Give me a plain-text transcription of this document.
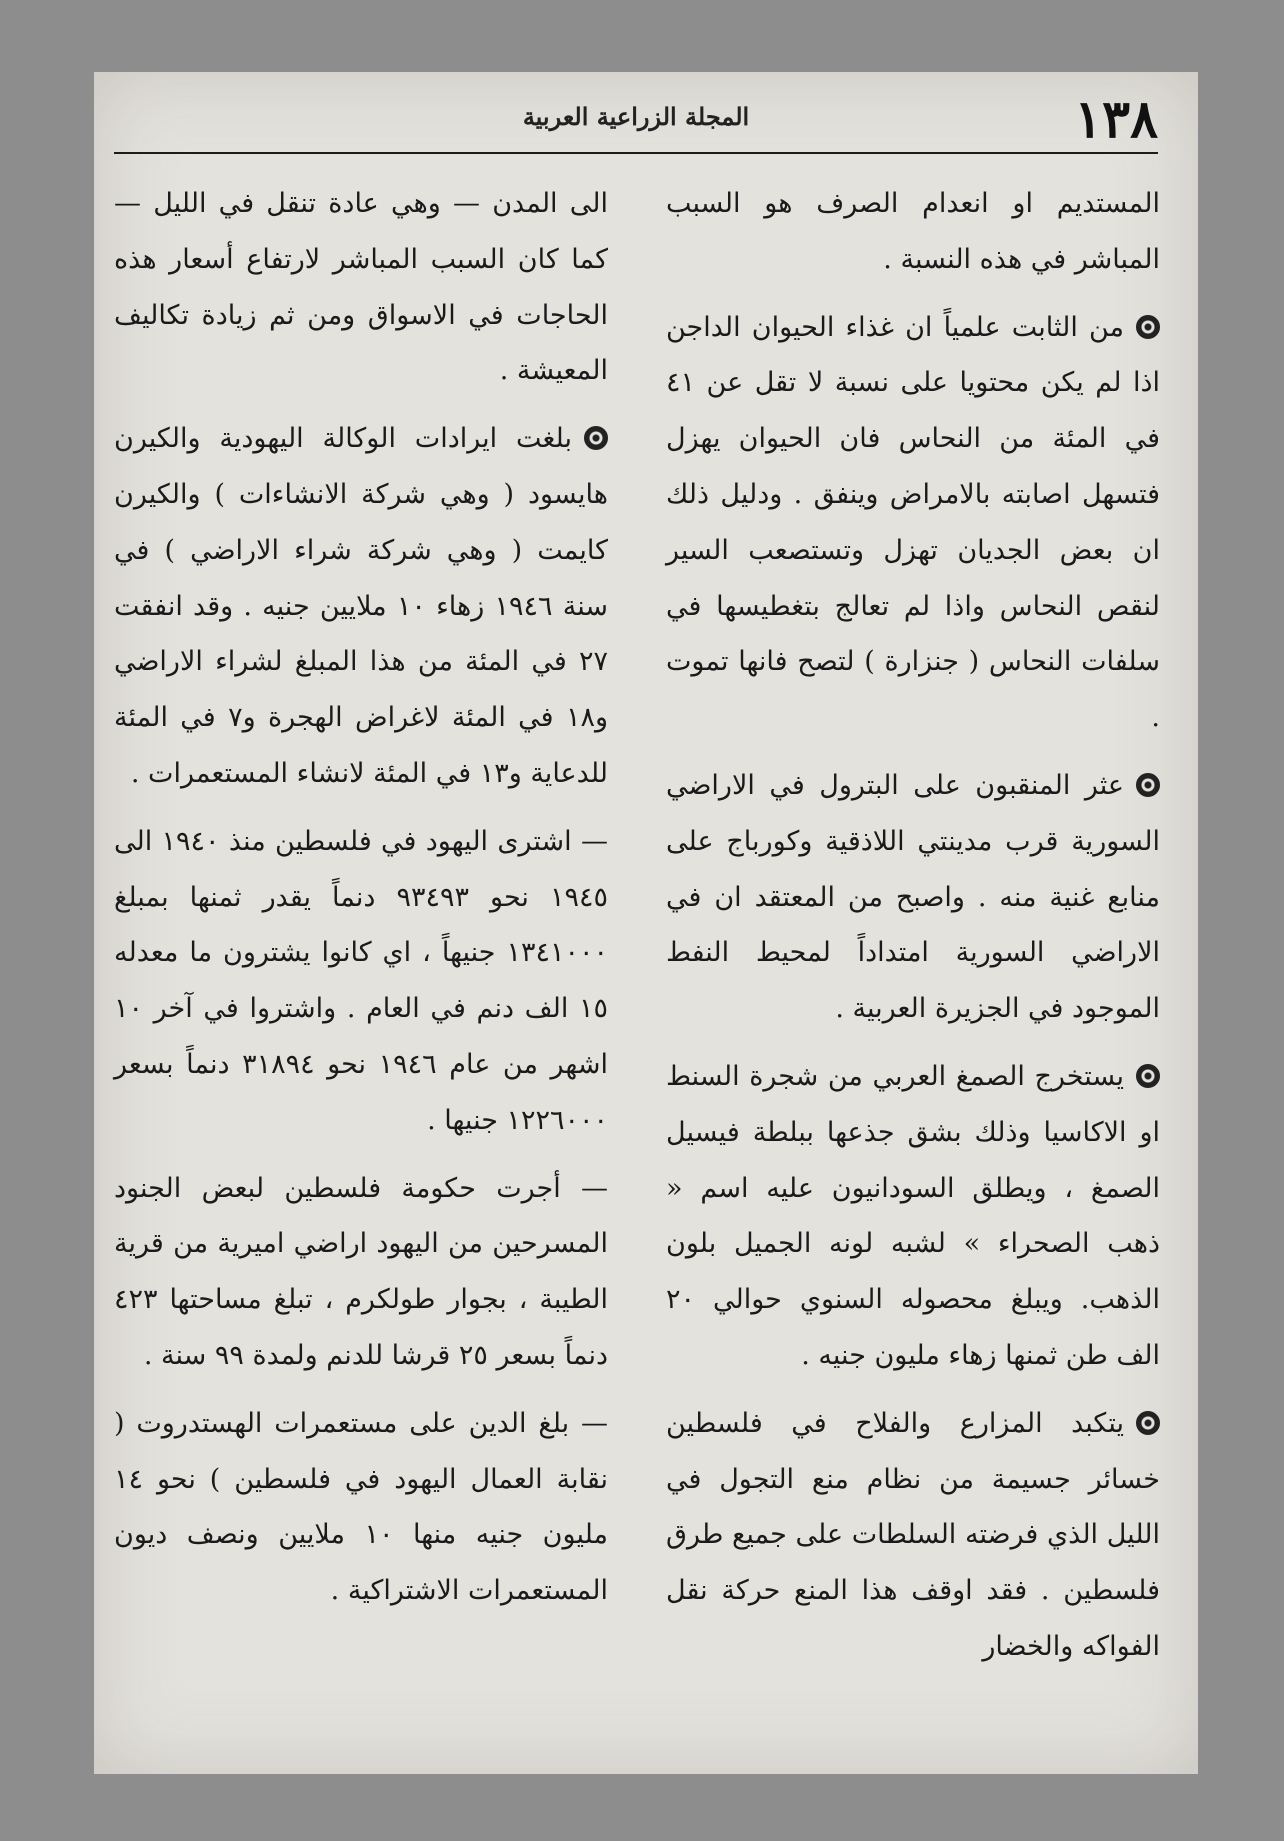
١٣٨
المجلة الزراعية العربية

المستديم او انعدام الصرف هو السبب المباشر في هذه النسبة .

من الثابت علمياً ان غذاء الحيوان الداجن اذا لم يكن محتويا على نسبة لا تقل عن ٤١ في المئة من النحاس فان الحيوان يهزل فتسهل اصابته بالامراض وينفق . ودليل ذلك ان بعض الجديان تهزل وتستصعب السير لنقص النحاس واذا لم تعالج بتغطيسها في سلفات النحاس ( جنزارة ) لتصح فانها تموت .

عثر المنقبون على البترول في الاراضي السورية قرب مدينتي اللاذقية وكورباج على منابع غنية منه . واصبح من المعتقد ان في الاراضي السورية امتداداً لمحيط النفط الموجود في الجزيرة العربية .

يستخرج الصمغ العربي من شجرة السنط او الاكاسيا وذلك بشق جذعها ببلطة فيسيل الصمغ ، ويطلق السودانيون عليه اسم « ذهب الصحراء » لشبه لونه الجميل بلون الذهب. ويبلغ محصوله السنوي حوالي ٢٠ الف طن ثمنها زهاء مليون جنيه .

يتكبد المزارع والفلاح في فلسطين خسائر جسيمة من نظام منع التجول في الليل الذي فرضته السلطات على جميع طرق فلسطين . فقد اوقف هذا المنع حركة نقل الفواكه والخضار

الى المدن — وهي عادة تنقل في الليل — كما كان السبب المباشر لارتفاع أسعار هذه الحاجات في الاسواق ومن ثم زيادة تكاليف المعيشة .

بلغت ايرادات الوكالة اليهودية والكيرن هايسود ( وهي شركة الانشاءات ) والكيرن كايمت ( وهي شركة شراء الاراضي ) في سنة ١٩٤٦ زهاء ١٠ ملايين جنيه . وقد انفقت ٢٧ في المئة من هذا المبلغ لشراء الاراضي و١٨ في المئة لاغراض الهجرة و٧ في المئة للدعاية و١٣ في المئة لانشاء المستعمرات .

— اشترى اليهود في فلسطين منذ ١٩٤٠ الى ١٩٤٥ نحو ٩٣٤٩٣ دنماً يقدر ثمنها بمبلغ ١٣٤١٠٠٠ جنيهاً ، اي كانوا يشترون ما معدله ١٥ الف دنم في العام . واشتروا في آخر ١٠ اشهر من عام ١٩٤٦ نحو ٣١٨٩٤ دنماً بسعر ١٢٢٦٠٠٠ جنيها .

— أجرت حكومة فلسطين لبعض الجنود المسرحين من اليهود اراضي اميرية من قرية الطيبة ، بجوار طولكرم ، تبلغ مساحتها ٤٢٣ دنماً بسعر ٢٥ قرشا للدنم ولمدة ٩٩ سنة .

— بلغ الدين على مستعمرات الهستدروت ( نقابة العمال اليهود في فلسطين ) نحو ١٤ مليون جنيه منها ١٠ ملايين ونصف ديون المستعمرات الاشتراكية .
